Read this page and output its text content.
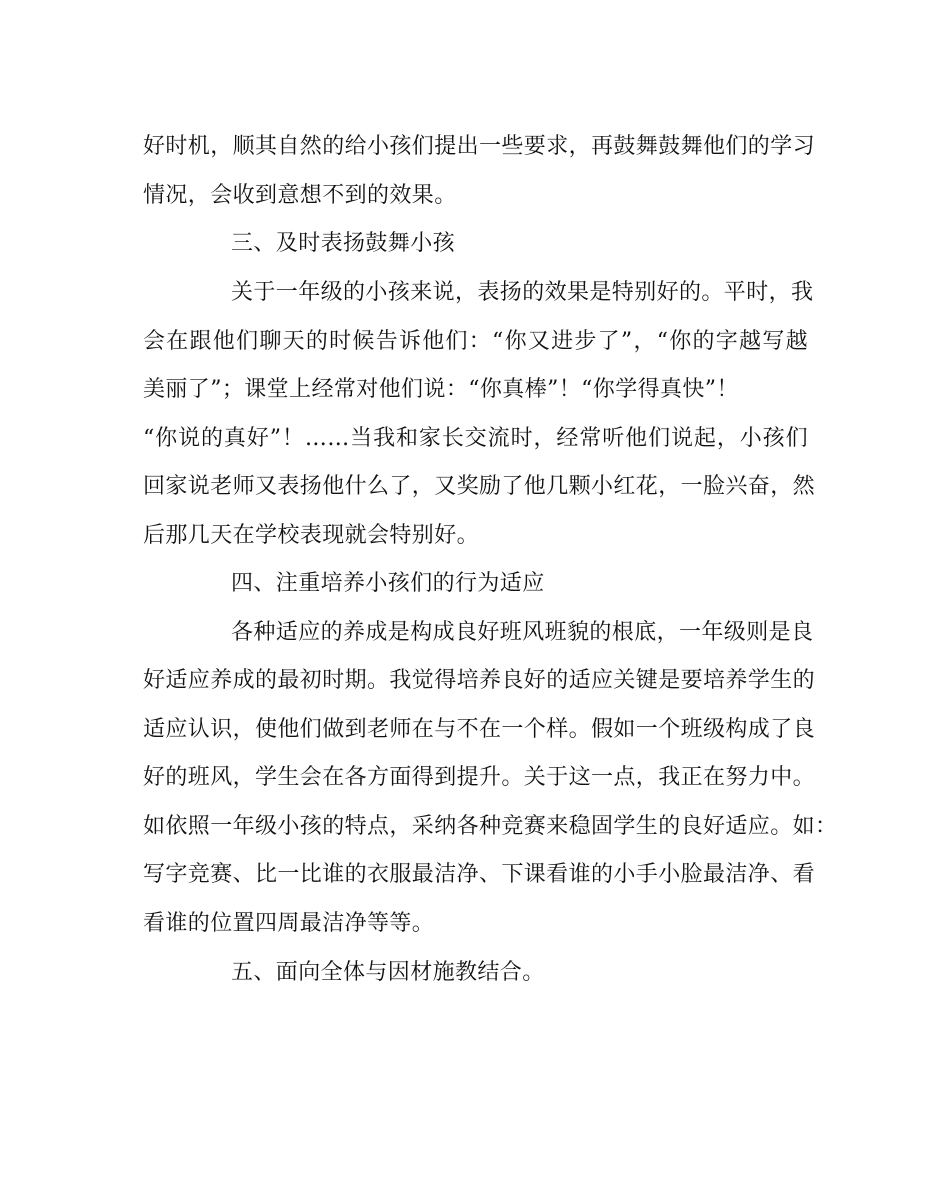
好时机，顺其自然的给小孩们提出一些要求，再鼓舞鼓舞他们的学习
情况，会收到意想不到的效果。
三、及时表扬鼓舞小孩
关于一年级的小孩来说，表扬的效果是特别好的。平时，我
会在跟他们聊天的时候告诉他们：“你又进步了”，“你的字越写越
美丽了”；课堂上经常对他们说：“你真棒”！“你学得真快”！
“你说的真好”！……当我和家长交流时，经常听他们说起，小孩们
回家说老师又表扬他什么了，又奖励了他几颗小红花，一脸兴奋，然
后那几天在学校表现就会特别好。
四、注重培养小孩们的行为适应
各种适应的养成是构成良好班风班貌的根底，一年级则是良
好适应养成的最初时期。我觉得培养良好的适应关键是要培养学生的
适应认识，使他们做到老师在与不在一个样。假如一个班级构成了良
好的班风，学生会在各方面得到提升。关于这一点，我正在努力中。
如依照一年级小孩的特点，采纳各种竞赛来稳固学生的良好适应。如：
写字竞赛、比一比谁的衣服最洁净、下课看谁的小手小脸最洁净、看
看谁的位置四周最洁净等等。
五、面向全体与因材施教结合。
